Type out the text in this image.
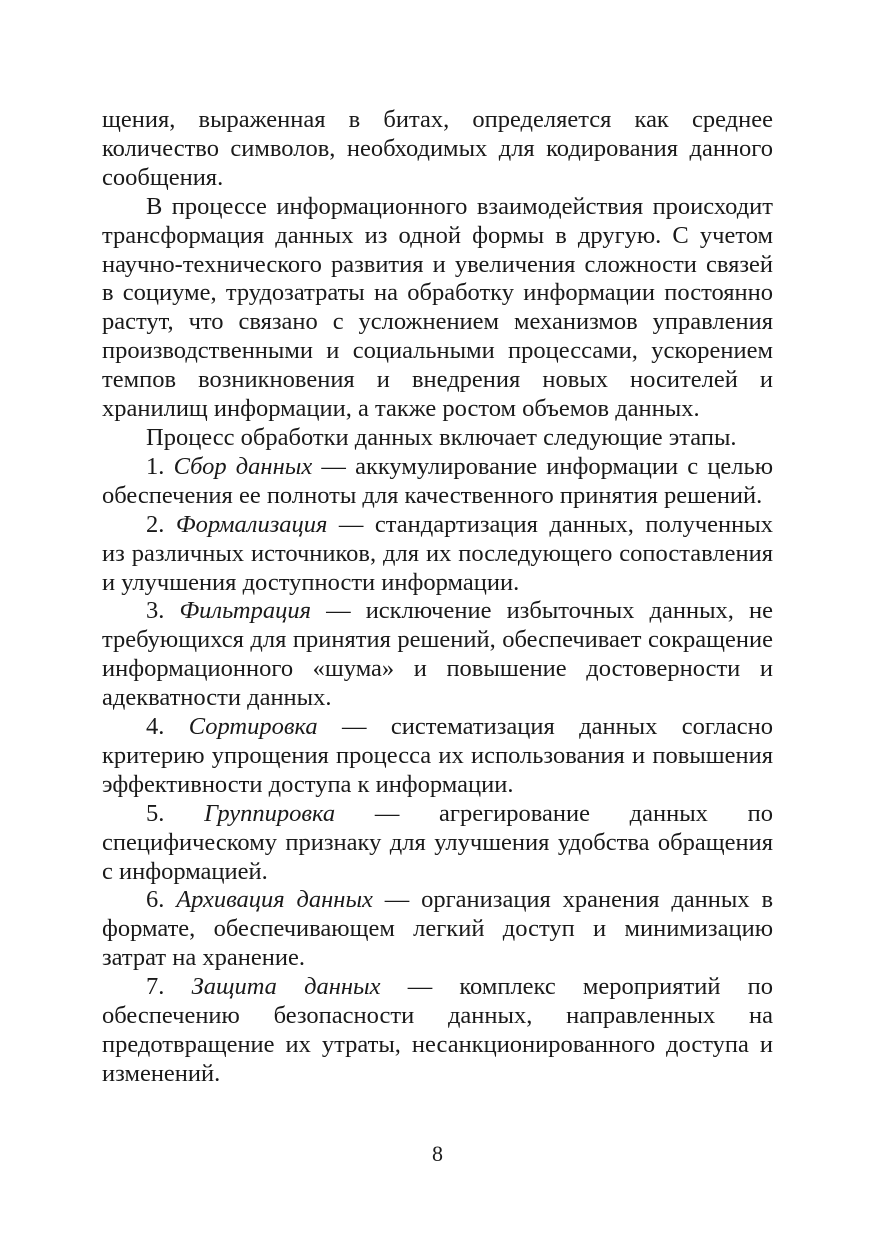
щения, выраженная в битах, определяется как среднее количество символов, необходимых для кодирования данного сообщения.

В процессе информационного взаимодействия происходит трансформация данных из одной формы в другую. С учетом научно-технического развития и увеличения сложности связей в социуме, трудозатраты на обработку информации постоянно растут, что связано с усложнением механизмов управления производственными и социальными процессами, ускорением темпов возникновения и внедрения новых носителей и хранилищ информации, а также ростом объемов данных.

Процесс обработки данных включает следующие этапы.

1. Сбор данных — аккумулирование информации с целью обеспечения ее полноты для качественного принятия решений.

2. Формализация — стандартизация данных, полученных из различных источников, для их последующего сопоставления и улучшения доступности информации.

3. Фильтрация — исключение избыточных данных, не требующихся для принятия решений, обеспечивает сокращение информационного «шума» и повышение достоверности и адекватности данных.

4. Сортировка — систематизация данных согласно критерию упрощения процесса их использования и повышения эффективности доступа к информации.

5. Группировка — агрегирование данных по специфическому признаку для улучшения удобства обращения с информацией.

6. Архивация данных — организация хранения данных в формате, обеспечивающем легкий доступ и минимизацию затрат на хранение.

7. Защита данных — комплекс мероприятий по обеспечению безопасности данных, направленных на предотвращение их утраты, несанкционированного доступа и изменений.

8
